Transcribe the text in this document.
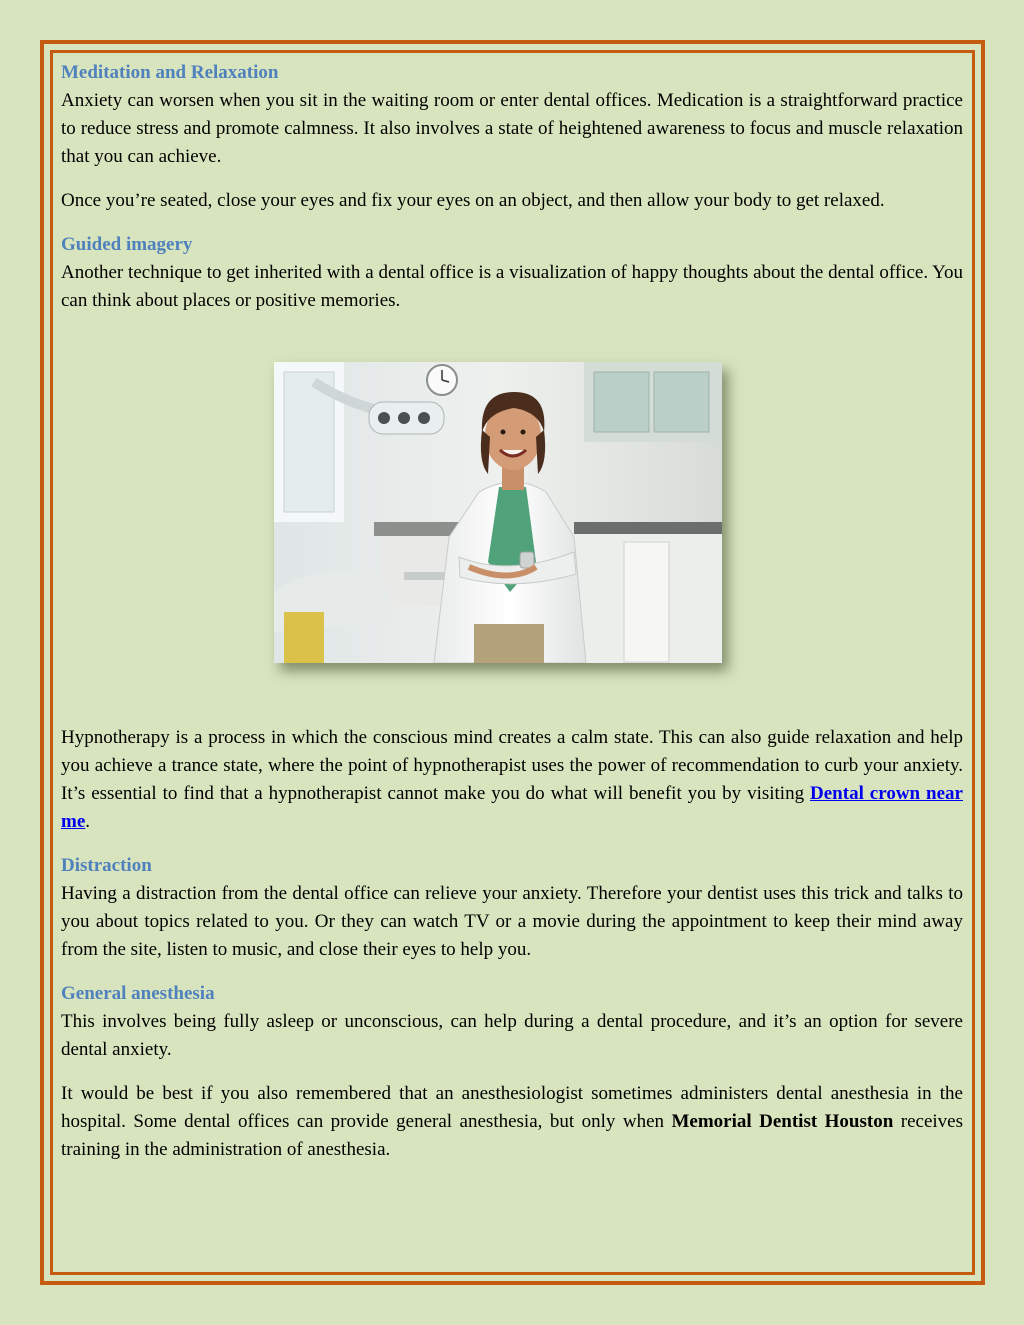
Meditation and Relaxation

Anxiety can worsen when you sit in the waiting room or enter dental offices. Medication is a straightforward practice to reduce stress and promote calmness. It also involves a state of heightened awareness to focus and muscle relaxation that you can achieve.

Once you’re seated, close your eyes and fix your eyes on an object, and then allow your body to get relaxed.

Guided imagery

Another technique to get inherited with a dental office is a visualization of happy thoughts about the dental office. You can think about places or positive memories.

Hypnotherapy is a process in which the conscious mind creates a calm state. This can also guide relaxation and help you achieve a trance state, where the point of hypnotherapist uses the power of recommendation to curb your anxiety. It’s essential to find that a hypnotherapist cannot make you do what will benefit you by visiting Dental crown near me.

Distraction

Having a distraction from the dental office can relieve your anxiety. Therefore your dentist uses this trick and talks to you about topics related to you. Or they can watch TV or a movie during the appointment to keep their mind away from the site, listen to music, and close their eyes to help you.

General anesthesia

This involves being fully asleep or unconscious, can help during a dental procedure, and it’s an option for severe dental anxiety.

It would be best if you also remembered that an anesthesiologist sometimes administers dental anesthesia in the hospital. Some dental offices can provide general anesthesia, but only when Memorial Dentist Houston receives training in the administration of anesthesia.
